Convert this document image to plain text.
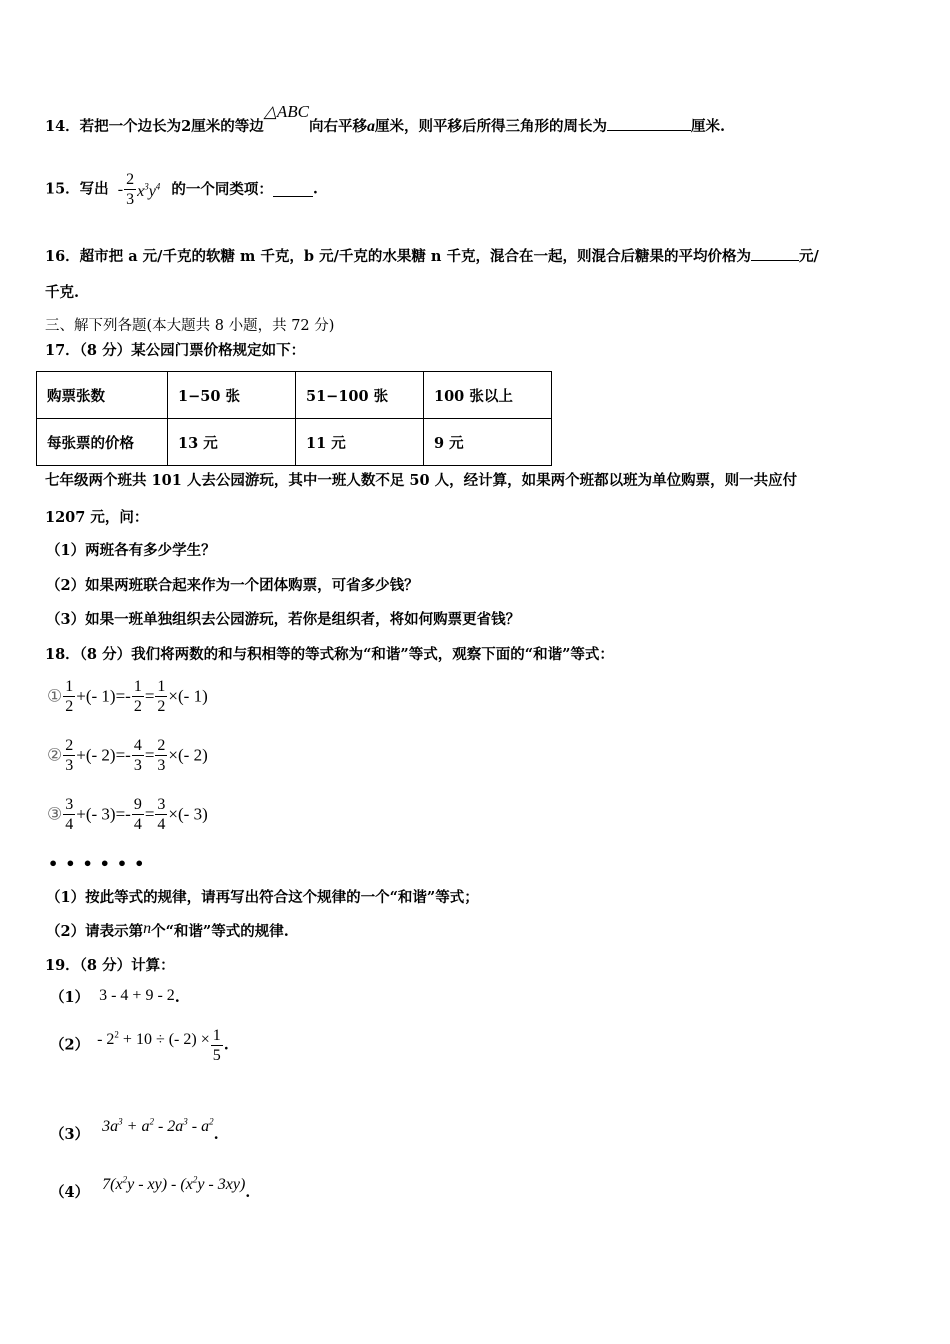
14．若把一个边长为2厘米的等边△ABC向右平移a厘米，则平移后所得三角形的周长为	厘米.
15．写出 - $\frac{2}{3} x^3y^4$ 的一个同类项：	.
16．超市把 a 元/千克的软糖 m 千克，b 元/千克的水果糖 n 千克，混合在一起，则混合后糖果的平均价格为	元/
千克.
三、解下列各题(本大题共 8 小题，共 72 分)
17．（8 分）某公园门票价格规定如下：
购票张数	1−50 张	51−100 张	100 张以上
每张票的价格	13 元	11 元	9 元
七年级两个班共 101 人去公园游玩，其中一班人数不足 50 人，经计算，如果两个班都以班为单位购票，则一共应付
1207 元，问：
（1）两班各有多少学生？
（2）如果两班联合起来作为一个团体购票，可省多少钱？
（3）如果一班单独组织去公园游玩，若你是组织者，将如何购票更省钱？
18．（8 分）我们将两数的和与积相等的等式称为“和谐”等式，观察下面的“和谐”等式：
① $\frac{1}{2}$ +(- $1)=- \frac{1}{2} = \frac{1}{2}$ ×(- 1)
② $\frac{2}{3}$ +(- $2)=- \frac{4}{3} = \frac{2}{3}$ ×(- 2)
③ $\frac{3}{4}$ +(- $3)=- \frac{9}{4} = \frac{3}{4}$ ×(- 3)
••••••
（1）按此等式的规律，请再写出符合这个规律的一个“和谐”等式；
（2）请表示第n个“和谐”等式的规律.
19．（8 分）计算：
（1） 3 - 4 + 9 - 2.
$(2) - 2^2 + 10$ ÷ (- $2) \times \frac{1}{5}$ .
（3） $3a^3 + a^2 - 2a^3 - a^2$.
（4） $7(x^2y - xy) - (x^2y - 3xy)$.
